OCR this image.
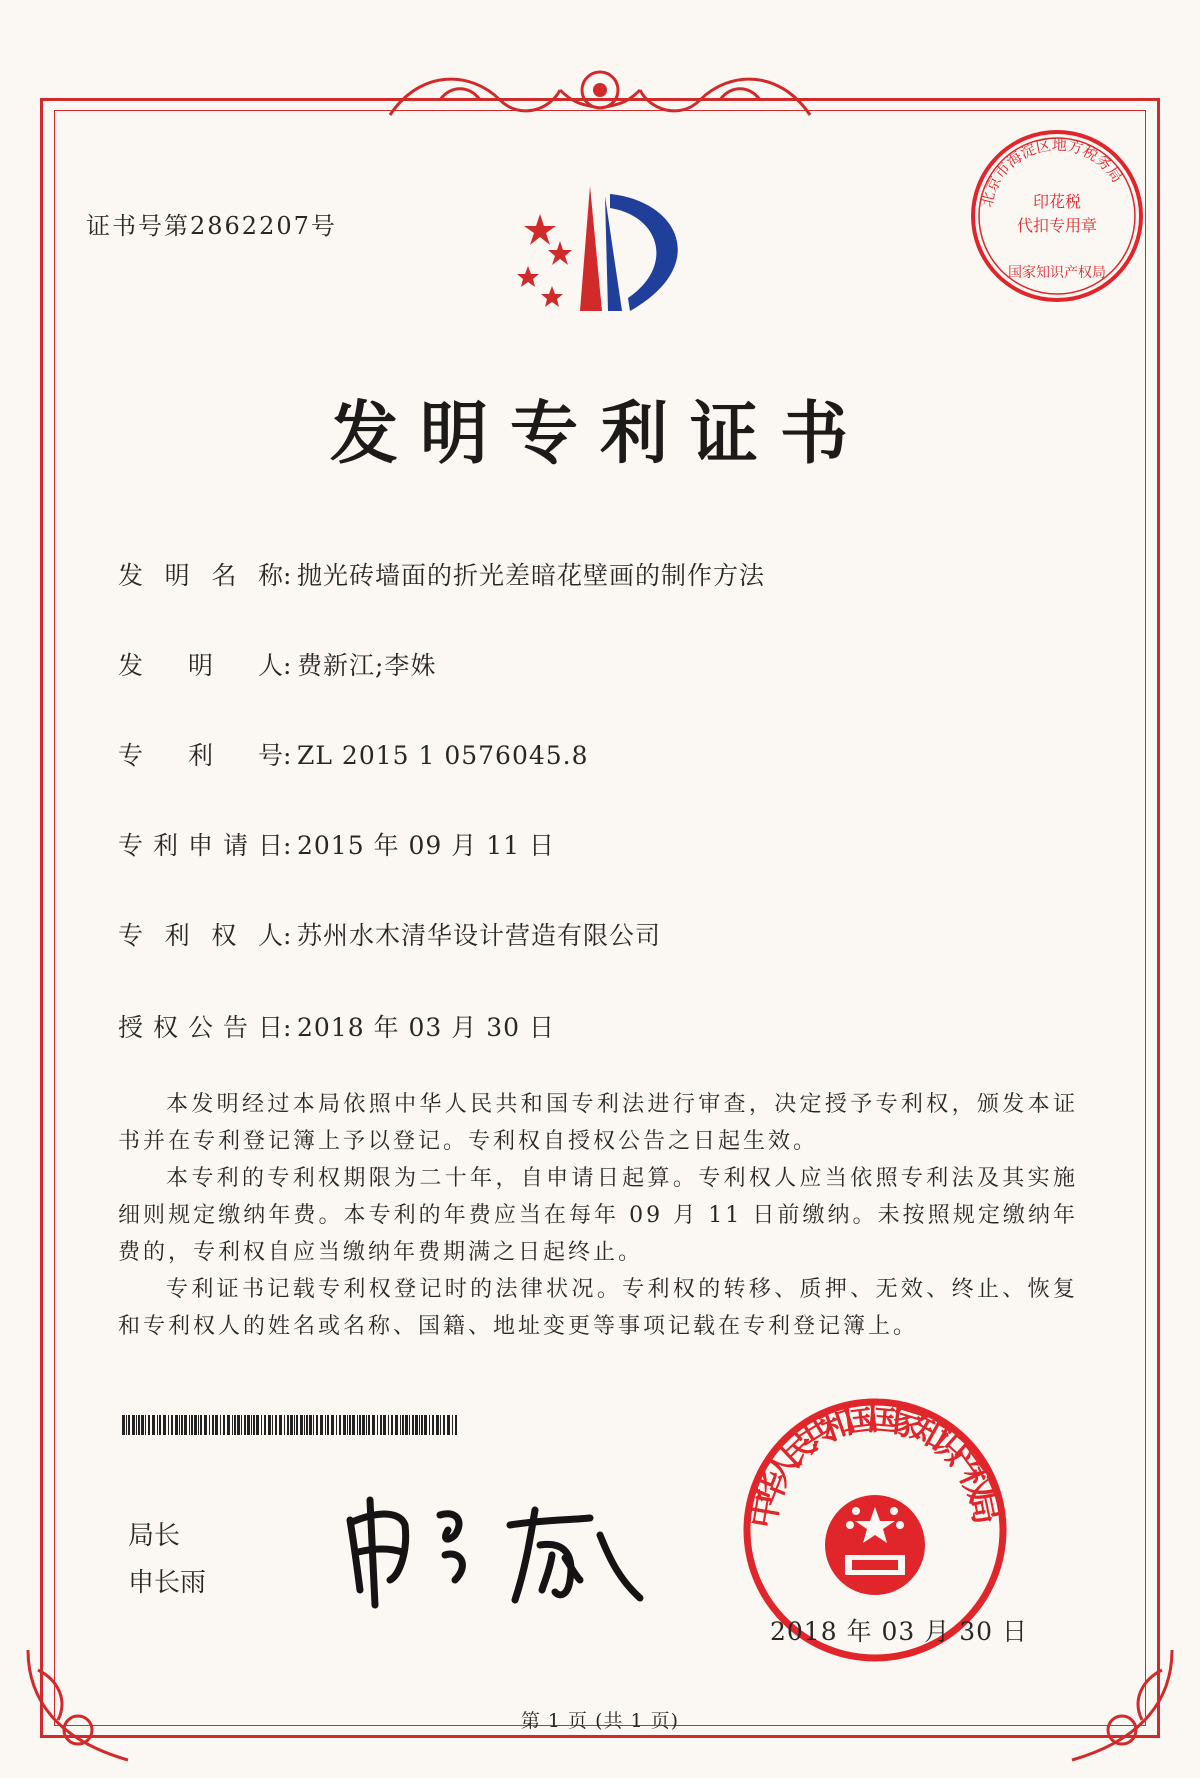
证书号第2862207号
北京市海淀区地方税务局
印花税
代扣专用章
国家知识产权局
发明专利证书
发 明 名 称 : 抛光砖墙面的折光差暗花壁画的制作方法
发 明 人 : 费新江;李姝
专 利 号 : ZL 2015 1 0576045.8
专 利 申 请 日 : 2015 年 09 月 11 日
专 利 权 人 : 苏州水木清华设计营造有限公司
授 权 公 告 日 : 2018 年 03 月 30 日

本发明经过本局依照中华人民共和国专利法进行审查，决定授予专利权，颁发本证书并在专利登记簿上予以登记。专利权自授权公告之日起生效。

本专利的专利权期限为二十年，自申请日起算。专利权人应当依照专利法及其实施细则规定缴纳年费。本专利的年费应当在每年 09 月 11 日前缴纳。未按照规定缴纳年费的，专利权自应当缴纳年费期满之日起终止。

专利证书记载专利权登记时的法律状况。专利权的转移、质押、无效、终止、恢复和专利权人的姓名或名称、国籍、地址变更等事项记载在专利登记簿上。

局长
申长雨
中华人民共和国国家知识产权局
2018 年 03 月 30 日
第 1 页 (共 1 页)
